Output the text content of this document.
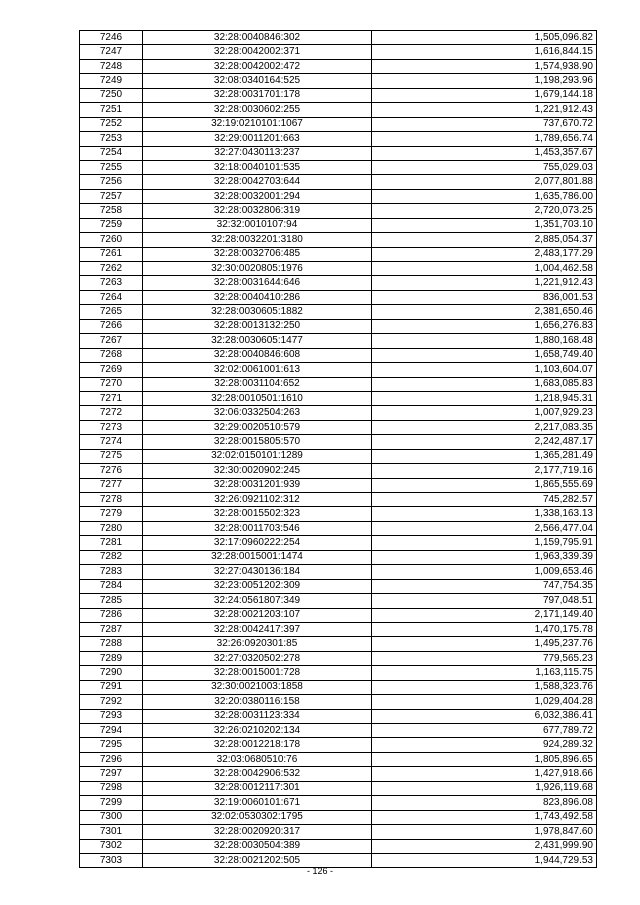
7246	32:28:0040846:302	1,505,096.82
7247	32:28:0042002:371	1,616,844.15
7248	32:28:0042002:472	1,574,938.90
7249	32:08:0340164:525	1,198,293.96
7250	32:28:0031701:178	1,679,144.18
7251	32:28:0030602:255	1,221,912.43
7252	32:19:0210101:1067	737,670.72
7253	32:29:0011201:663	1,789,656.74
7254	32:27:0430113:237	1,453,357.67
7255	32:18:0040101:535	755,029.03
7256	32:28:0042703:644	2,077,801.88
7257	32:28:0032001:294	1,635,786.00
7258	32:28:0032806:319	2,720,073.25
7259	32:32:0010107:94	1,351,703.10
7260	32:28:0032201:3180	2,885,054.37
7261	32:28:0032706:485	2,483,177.29
7262	32:30:0020805:1976	1,004,462.58
7263	32:28:0031644:646	1,221,912.43
7264	32:28:0040410:286	836,001.53
7265	32:28:0030605:1882	2,381,650.46
7266	32:28:0013132:250	1,656,276.83
7267	32:28:0030605:1477	1,880,168.48
7268	32:28:0040846:608	1,658,749.40
7269	32:02:0061001:613	1,103,604.07
7270	32:28:0031104:652	1,683,085.83
7271	32:28:0010501:1610	1,218,945.31
7272	32:06:0332504:263	1,007,929.23
7273	32:29:0020510:579	2,217,083.35
7274	32:28:0015805:570	2,242,487.17
7275	32:02:0150101:1289	1,365,281.49
7276	32:30:0020902:245	2,177,719.16
7277	32:28:0031201:939	1,865,555.69
7278	32:26:0921102:312	745,282.57
7279	32:28:0015502:323	1,338,163.13
7280	32:28:0011703:546	2,566,477.04
7281	32:17:0960222:254	1,159,795.91
7282	32:28:0015001:1474	1,963,339.39
7283	32:27:0430136:184	1,009,653.46
7284	32:23:0051202:309	747,754.35
7285	32:24:0561807:349	797,048.51
7286	32:28:0021203:107	2,171,149.40
7287	32:28:0042417:397	1,470,175.78
7288	32:26:0920301:85	1,495,237.76
7289	32:27:0320502:278	779,565.23
7290	32:28:0015001:728	1,163,115.75
7291	32:30:0021003:1858	1,588,323.76
7292	32:20:0380116:158	1,029,404.28
7293	32:28:0031123:334	6,032,386.41
7294	32:26:0210202:134	677,789.72
7295	32:28:0012218:178	924,289.32
7296	32:03:0680510:76	1,805,896.65
7297	32:28:0042906:532	1,427,918.66
7298	32:28:0012117:301	1,926,119.68
7299	32:19:0060101:671	823,896.08
7300	32:02:0530302:1795	1,743,492.58
7301	32:28:0020920:317	1,978,847.60
7302	32:28:0030504:389	2,431,999.90
7303	32:28:0021202:505	1,944,729.53
- 126 -
